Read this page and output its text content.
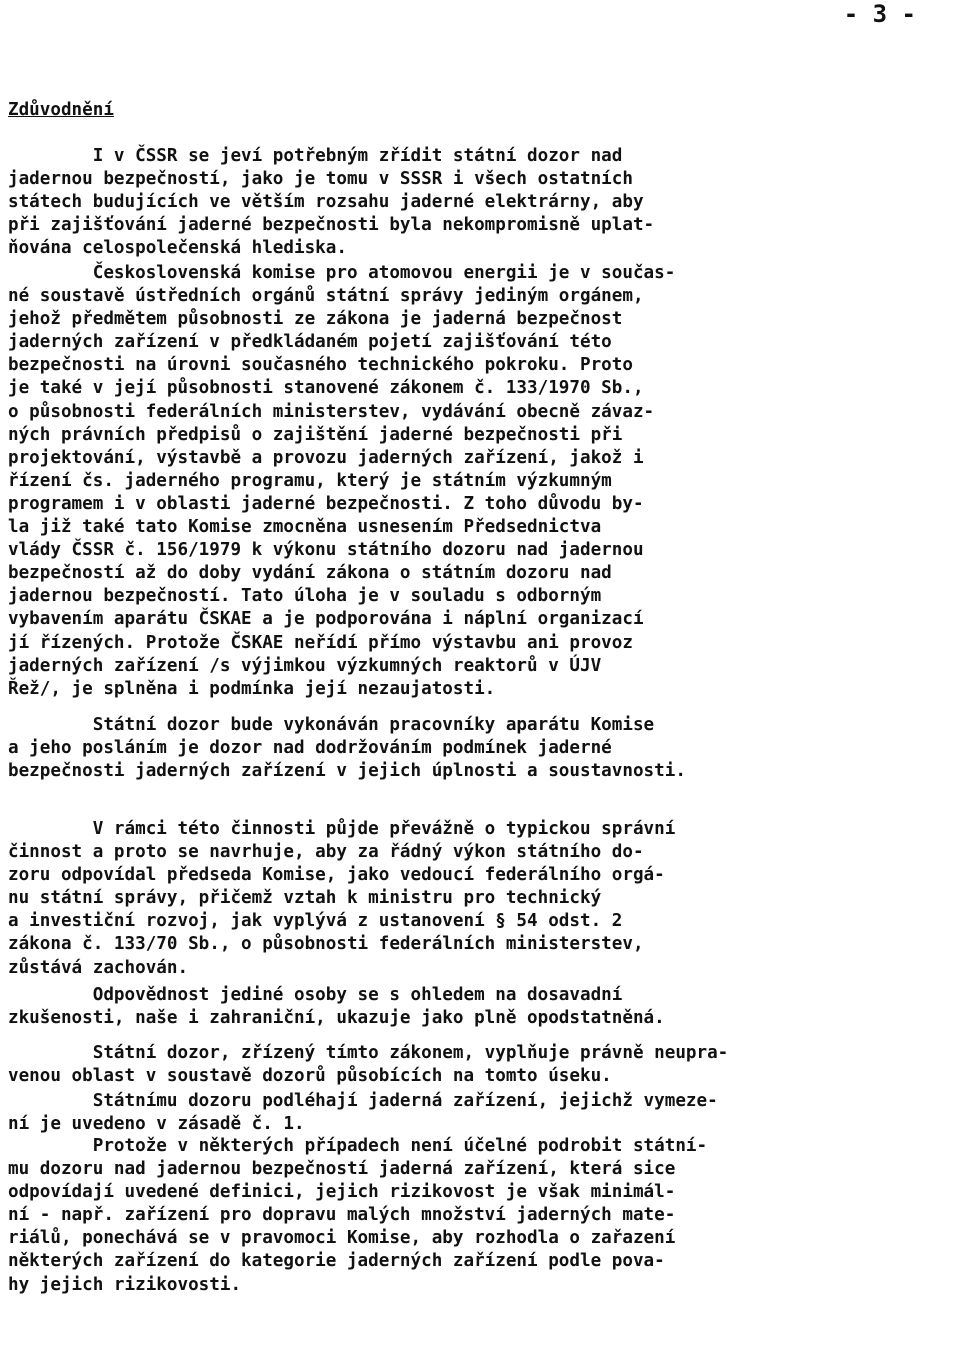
- 3 -
Zdůvodnění
I v ČSSR se jeví potřebným zřídit státní dozor nad
jadernou bezpečností, jako je tomu v SSSR i všech ostatních
státech budujících ve větším rozsahu jaderné elektrárny, aby
při zajišťování jaderné bezpečnosti byla nekompromisně uplat-
ňována celospolečenská hlediska.
Československá komise pro atomovou energii je v součas-
né soustavě ústředních orgánů státní správy jediným orgánem,
jehož předmětem působnosti ze zákona je jaderná bezpečnost
jaderných zařízení v předkládaném pojetí zajišťování této
bezpečnosti na úrovni současného technického pokroku. Proto
je také v její působnosti stanovené zákonem č. 133/1970 Sb.,
o působnosti federálních ministerstev, vydávání obecně závaz-
ných právních předpisů o zajištění jaderné bezpečnosti při
projektování, výstavbě a provozu jaderných zařízení, jakož i
řízení čs. jaderného programu, který je státním výzkumným
programem i v oblasti jaderné bezpečnosti. Z toho důvodu by-
la již také tato Komise zmocněna usnesením Předsednictva
vlády ČSSR č. 156/1979 k výkonu státního dozoru nad jadernou
bezpečností až do doby vydání zákona o státním dozoru nad
jadernou bezpečností. Tato úloha je v souladu s odborným
vybavením aparátu ČSKAE a je podporována i náplní organizací
jí řízených. Protože ČSKAE neřídí přímo výstavbu ani provoz
jaderných zařízení /s výjimkou výzkumných reaktorů v ÚJV
Řež/, je splněna i podmínka její nezaujatosti.
Státní dozor bude vykonáván pracovníky aparátu Komise
a jeho posláním je dozor nad dodržováním podmínek jaderné
bezpečnosti jaderných zařízení v jejich úplnosti a soustavnosti.
V rámci této činnosti půjde převážně o typickou správní
činnost a proto se navrhuje, aby za řádný výkon státního do-
zoru odpovídal předseda Komise, jako vedoucí federálního orgá-
nu státní správy, přičemž vztah k ministru pro technický
a investiční rozvoj, jak vyplývá z ustanovení § 54 odst. 2
zákona č. 133/70 Sb., o působnosti federálních ministerstev,
zůstává zachován.
Odpovědnost jediné osoby se s ohledem na dosavadní
zkušenosti, naše i zahraniční, ukazuje jako plně opodstatněná.
Státní dozor, zřízený tímto zákonem, vyplňuje právně neupra-
venou oblast v soustavě dozorů působících na tomto úseku.
Státnímu dozoru podléhají jaderná zařízení, jejichž vymeze-
ní je uvedeno v zásadě č. 1.
Protože v některých případech není účelné podrobit státní-
mu dozoru nad jadernou bezpečností jaderná zařízení, která sice
odpovídají uvedené definici, jejich rizikovost je však minimál-
ní - např. zařízení pro dopravu malých množství jaderných mate-
riálů, ponechává se v pravomoci Komise, aby rozhodla o zařazení
některých zařízení do kategorie jaderných zařízení podle pova-
hy jejich rizikovosti.
